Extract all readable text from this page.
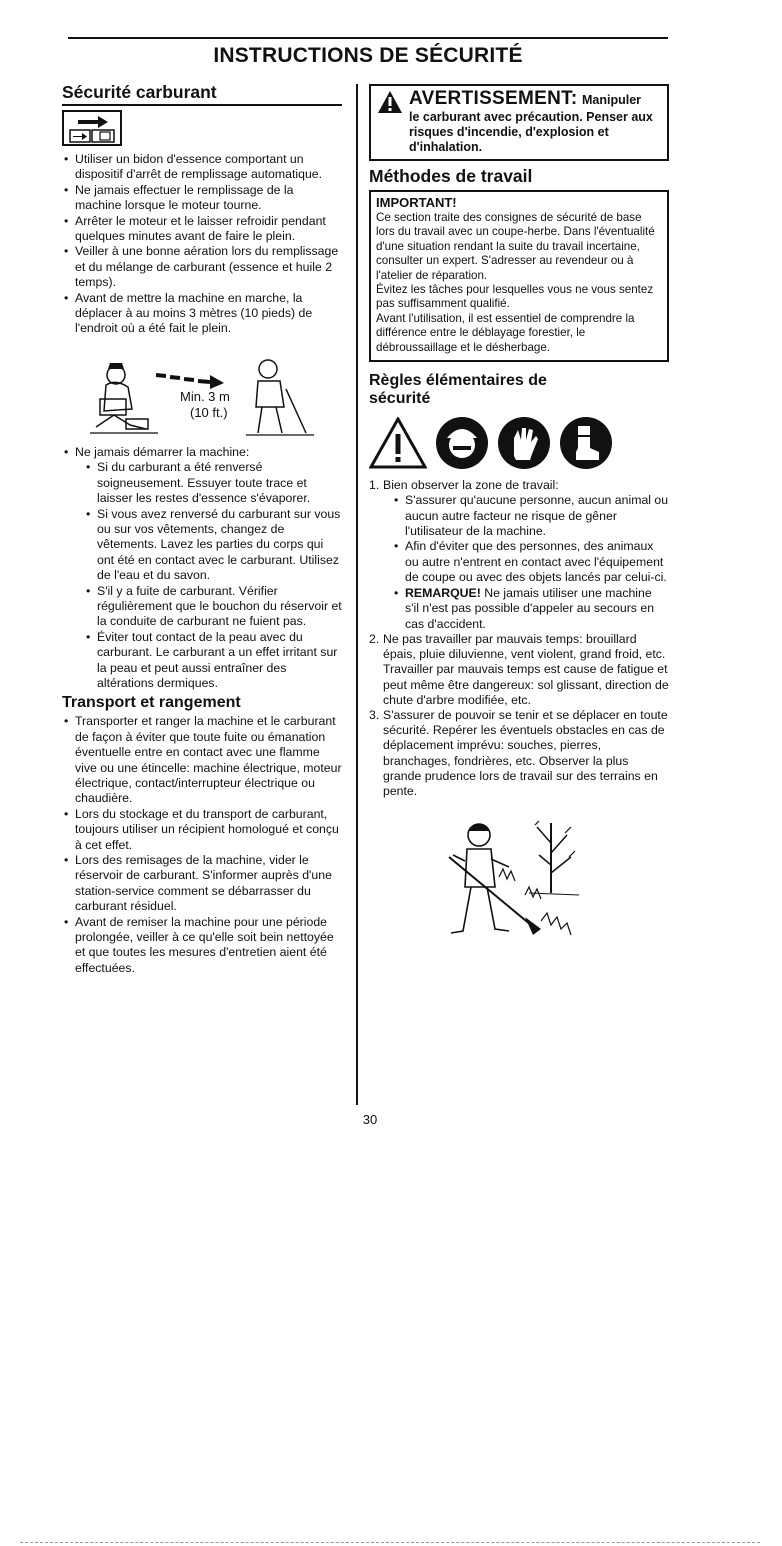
INSTRUCTIONS DE SÉCURITÉ
Sécurité carburant
• Utiliser un bidon d'essence comportant un dispositif d'arrêt de remplissage automatique.
• Ne jamais effectuer le remplissage de la machine lorsque le moteur tourne.
• Arrêter le moteur et le laisser refroidir pendant quelques minutes avant de faire le plein.
• Veiller à une bonne aération lors du remplissage et du mélange de carburant (essence et huile 2 temps).
• Avant de mettre la machine en marche, la déplacer à au moins 3 mètres (10 pieds) de l'endroit où a été fait le plein.
Min. 3 m
(10 ft.)
• Ne jamais démarrer la machine:
• Si du carburant a été renversé soigneusement. Essuyer toute trace et laisser les restes d'essence s'évaporer.
• Si vous avez renversé du carburant sur vous ou sur vos vêtements, changez de vêtements. Lavez les parties du corps qui ont été en contact avec le carburant. Utilisez de l'eau et du savon.
• S'il y a fuite de carburant. Vérifier régulièrement que le bouchon du réservoir et la conduite de carburant ne fuient pas.
• Éviter tout contact de la peau avec du carburant. Le carburant a un effet irritant sur la peau et peut aussi entraîner des altérations dermiques.
Transport et rangement
• Transporter et ranger la machine et le carburant de façon à éviter que toute fuite ou émanation éventuelle entre en contact avec une flamme vive ou une étincelle: machine électrique, moteur électrique, contact/interrupteur électrique ou chaudière.
• Lors du stockage et du transport de carburant, toujours utiliser un récipient homologué et conçu à cet effet.
• Lors des remisages de la machine, vider le réservoir de carburant. S'informer auprès d'une station-service comment se débarrasser du carburant résiduel.
• Avant de remiser la machine pour une période prolongée, veiller à ce qu'elle soit bein nettoyée et que toutes les mesures d'entretien aient été effectuées.
AVERTISSEMENT: Manipuler
le carburant avec précaution. Penser aux risques d'incendie, d'explosion et d'inhalation.
Méthodes de travail
IMPORTANT!

Ce section traite des consignes de sécurité de base lors du travail avec un coupe-herbe. Dans l'éventualité d'une situation rendant la suite du travail incertaine, consulter un expert. S'adresser au revendeur ou à l'atelier de réparation.

Évitez les tâches pour lesquelles vous ne vous sentez pas suffisamment qualifié.

Avant l'utilisation, il est essentiel de comprendre la différence entre le déblayage forestier, le débroussaillage et le désherbage.

Règles élémentaires de sécurité
1. Bien observer la zone de travail:
• S'assurer qu'aucune personne, aucun animal ou aucun autre facteur ne risque de gêner l'utilisateur de la machine.
• Afin d'éviter que des personnes, des animaux ou autre n'entrent en contact avec l'équipement de coupe ou avec des objets lancés par celui-ci.
• REMARQUE! Ne jamais utiliser une machine s'il n'est pas possible d'appeler au secours en cas d'accident.
2. Ne pas travailler par mauvais temps: brouillard épais, pluie diluvienne, vent violent, grand froid, etc. Travailler par mauvais temps est cause de fatigue et peut même être dangereux: sol glissant, direction de chute d'arbre modifiée, etc.
3. S'assurer de pouvoir se tenir et se déplacer en toute sécurité. Repérer les éventuels obstacles en cas de déplacement imprévu: souches, pierres, branchages, fondrières, etc. Observer la plus grande prudence lors de travail sur des terrains en pente.
30
